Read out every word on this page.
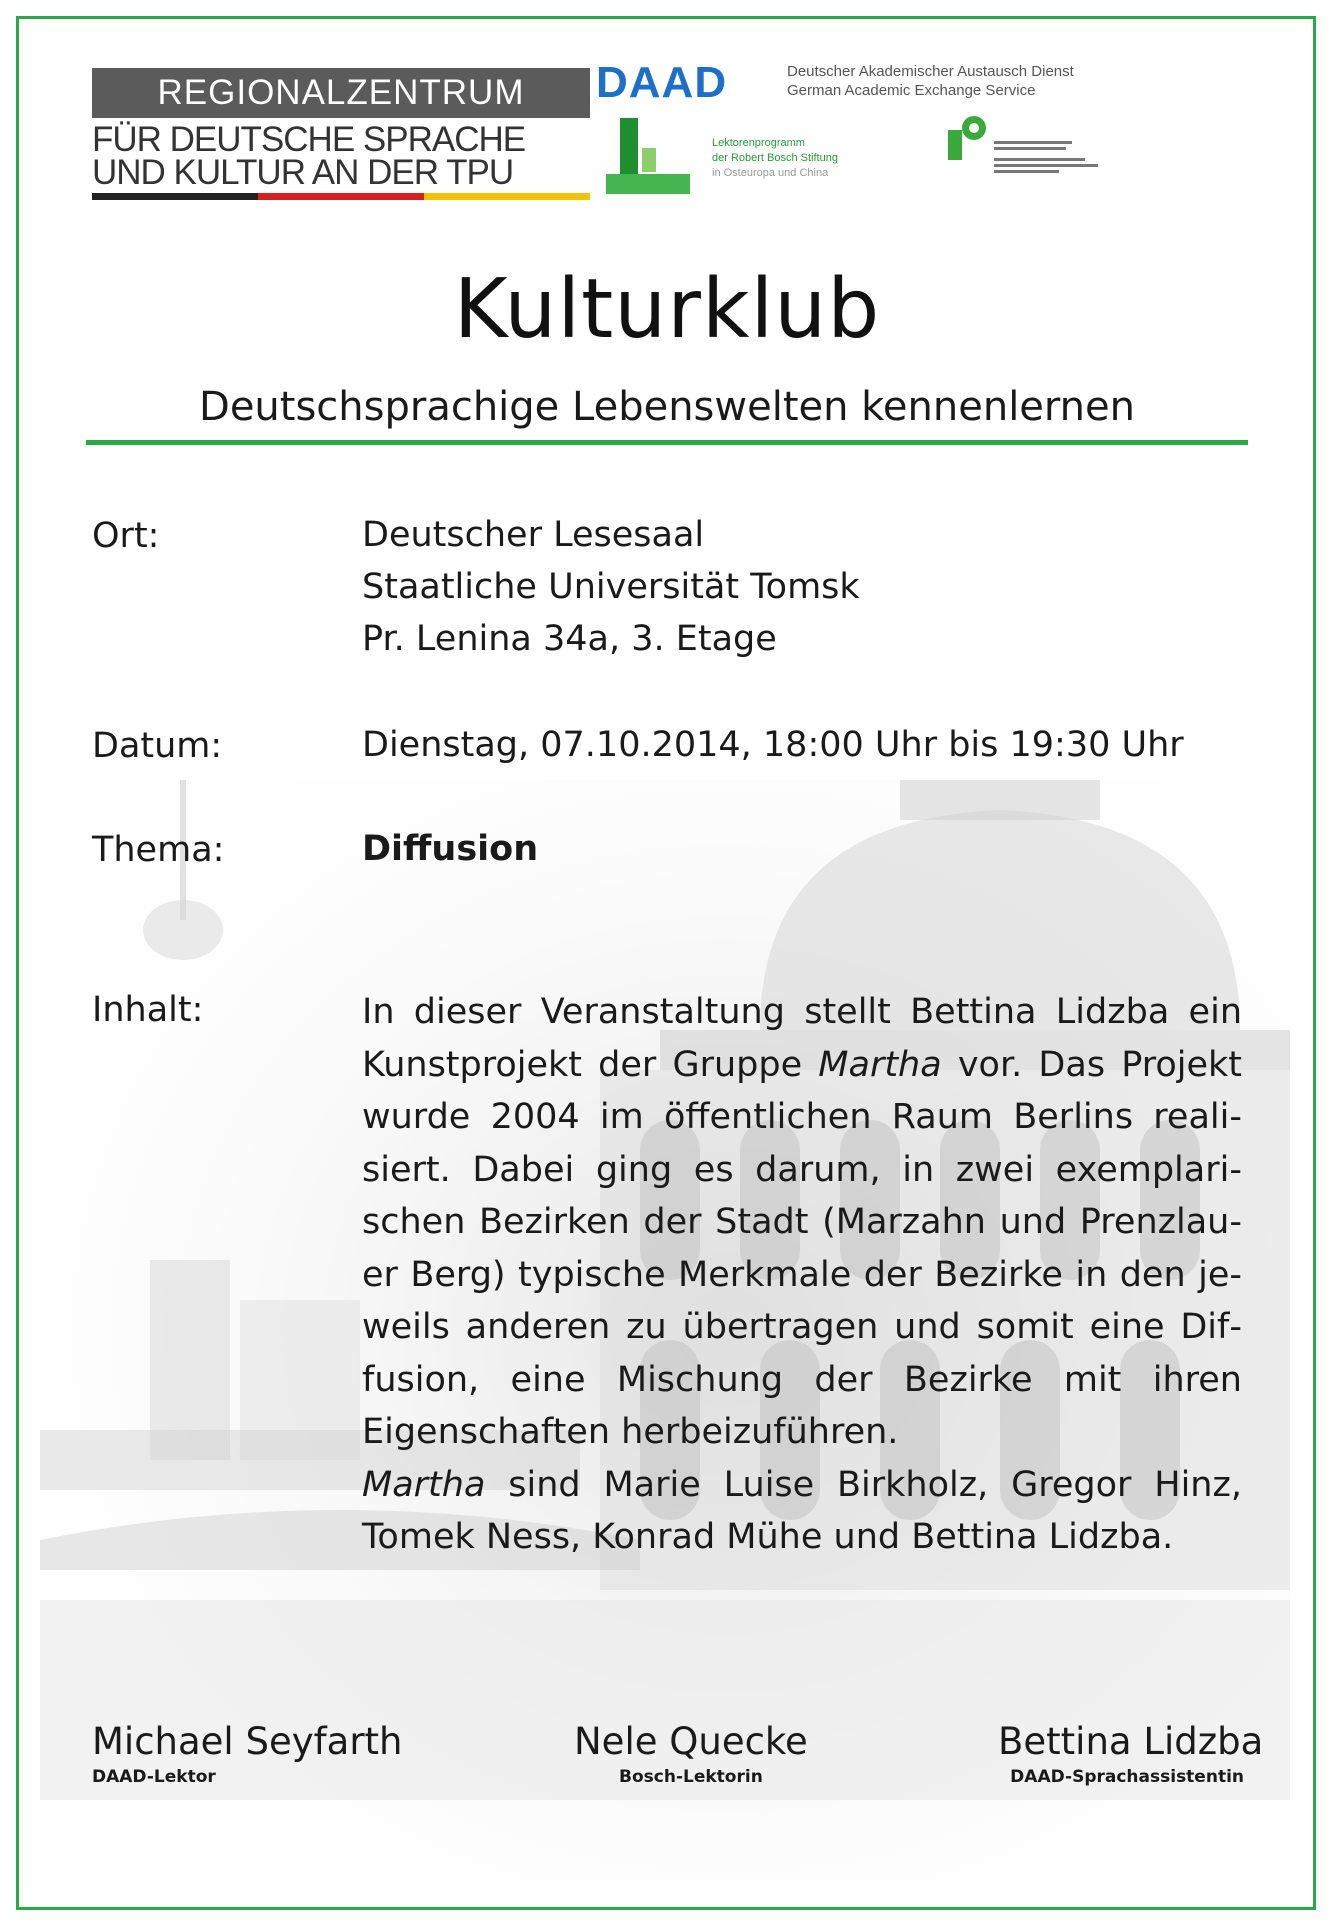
REGIONALZENTRUM
FÜR DEUTSCHE SPRACHE
UND KULTUR AN DER TPU
DAAD	Deutscher Akademischer Austausch Dienst
German Academic Exchange Service
Lektorenprogramm
der Robert Bosch Stiftung
in Osteuropa und China
Kulturklub
Deutschsprachige Lebenswelten kennenlernen
Ort:	Deutscher Lesesaal
Staatliche Universität Tomsk
Pr. Lenina 34a, 3. Etage
Datum:	Dienstag, 07.10.2014, 18:00 Uhr bis 19:30 Uhr
Thema:	Diffusion
Inhalt:	In dieser Veranstaltung stellt Bettina Lidzba ein Kunstprojekt der Gruppe Martha vor. Das Projekt wurde 2004 im öffentlichen Raum Berlins realisiert. Dabei ging es darum, in zwei exemplarischen Bezirken der Stadt (Marzahn und Prenzlauer Berg) typische Merkmale der Bezirke in den jeweils anderen zu übertragen und somit eine Diffusion, eine Mischung der Bezirke mit ihren Eigenschaften herbeizuführen.

Martha sind Marie Luise Birkholz, Gregor Hinz, Tomek Ness, Konrad Mühe und Bettina Lidzba.

Michael Seyfarth
DAAD-Lektor
Nele Quecke
Bosch-Lektorin
Bettina Lidzba
DAAD-Sprachassistentin
